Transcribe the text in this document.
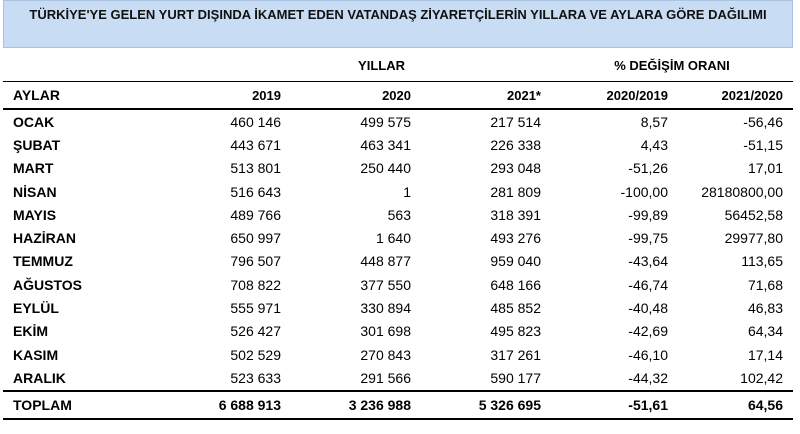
TÜRKİYE'YE GELEN YURT DIŞINDA İKAMET EDEN VATANDAŞ ZİYARETÇİLERİN YILLARA VE AYLARA GÖRE DAĞILIMI
		YILLAR		% DEĞİŞİM ORANI	
AYLAR	2019	2020	2021*	2020/2019	2021/2020
OCAK	460 146	499 575	217 514	8,57	-56,46
ŞUBAT	443 671	463 341	226 338	4,43	-51,15
MART	513 801	250 440	293 048	-51,26	17,01
NİSAN	516 643	1	281 809	-100,00	28180800,00
MAYIS	489 766	563	318 391	-99,89	56452,58
HAZİRAN	650 997	1 640	493 276	-99,75	29977,80
TEMMUZ	796 507	448 877	959 040	-43,64	113,65
AĞUSTOS	708 822	377 550	648 166	-46,74	71,68
EYLÜL	555 971	330 894	485 852	-40,48	46,83
EKİM	526 427	301 698	495 823	-42,69	64,34
KASIM	502 529	270 843	317 261	-46,10	17,14
ARALIK	523 633	291 566	590 177	-44,32	102,42
TOPLAM	6 688 913	3 236 988	5 326 695	-51,61	64,56
